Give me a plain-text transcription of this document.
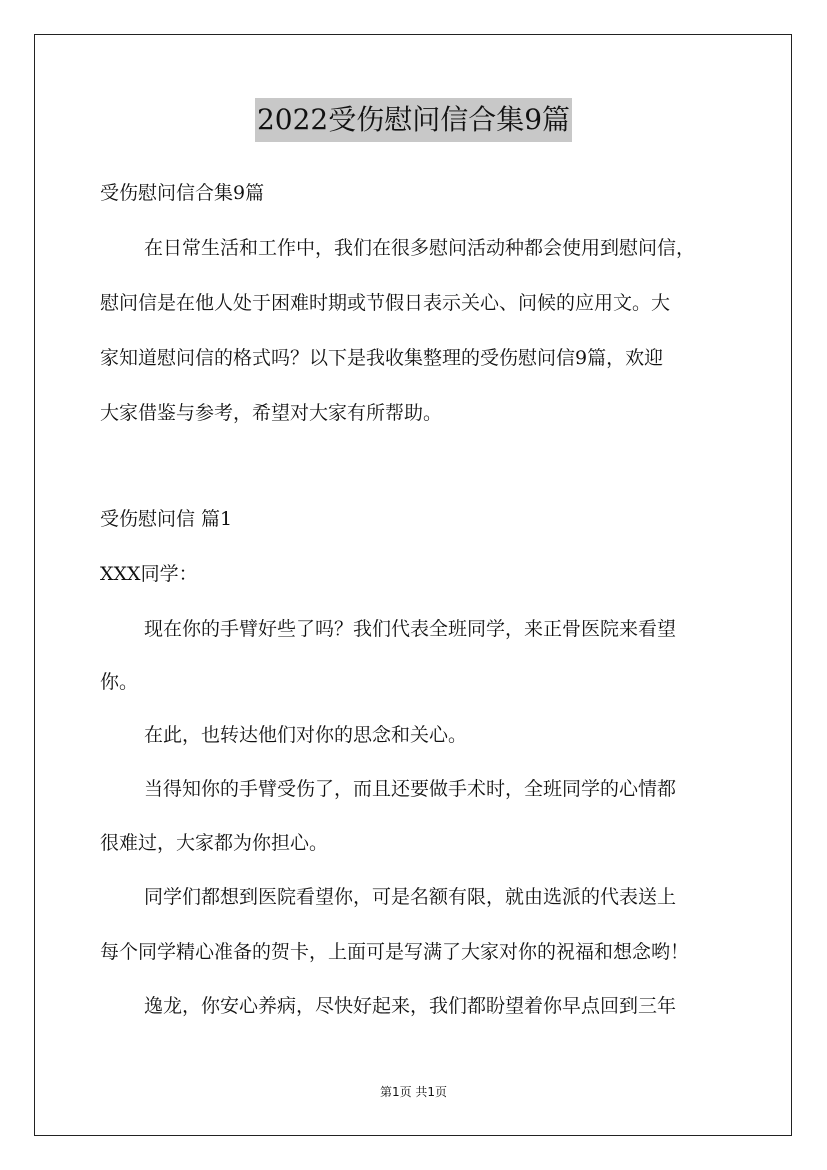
2022受伤慰问信合集9篇
受伤慰问信合集9篇
在日常生活和工作中，我们在很多慰问活动种都会使用到慰问信，
慰问信是在他人处于困难时期或节假日表示关心、问候的应用文。大
家知道慰问信的格式吗？以下是我收集整理的受伤慰问信9篇，欢迎
大家借鉴与参考，希望对大家有所帮助。
受伤慰问信 篇1
XXX同学：
现在你的手臂好些了吗？我们代表全班同学，来正骨医院来看望
你。
在此，也转达他们对你的思念和关心。
当得知你的手臂受伤了，而且还要做手术时，全班同学的心情都
很难过，大家都为你担心。
同学们都想到医院看望你，可是名额有限，就由选派的代表送上
每个同学精心准备的贺卡，上面可是写满了大家对你的祝福和想念哟！
逸龙，你安心养病，尽快好起来，我们都盼望着你早点回到三年
第1页 共1页
